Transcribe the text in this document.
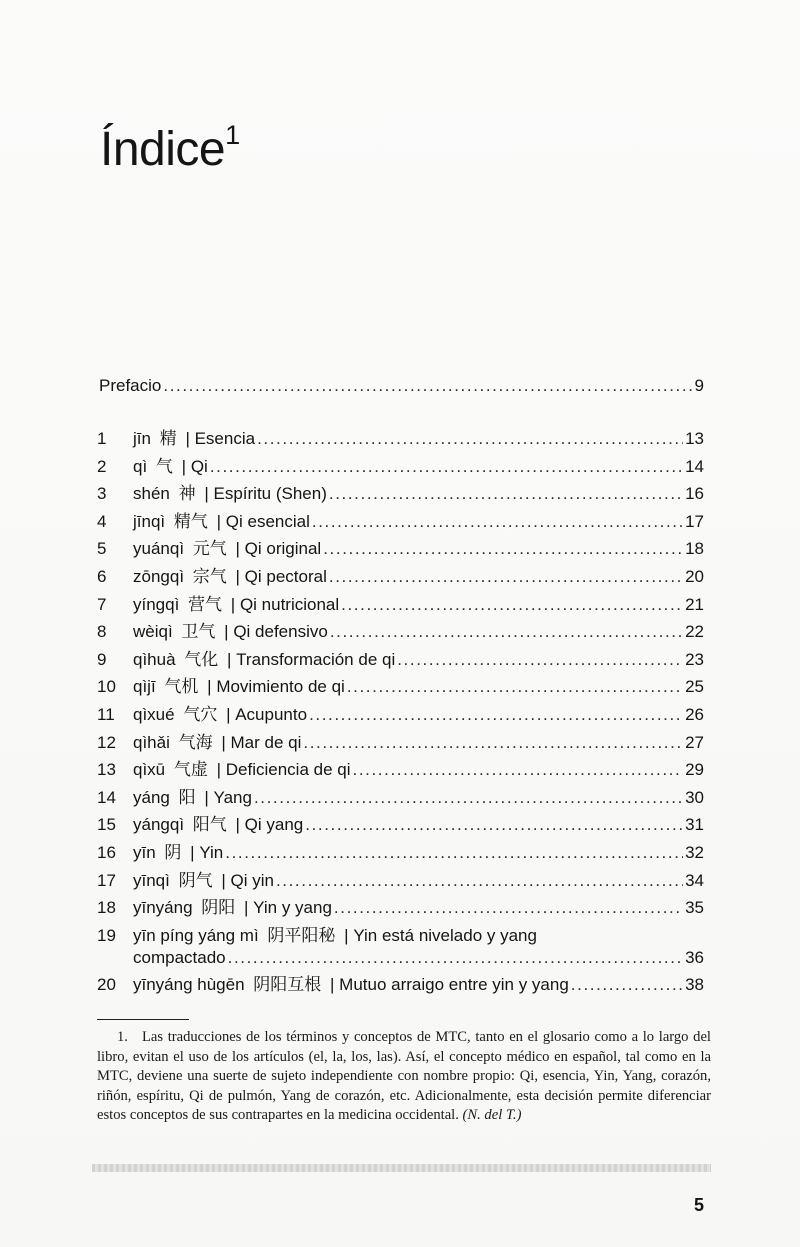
Índice$^1$
Prefacio .....	9
1	jīn 精 | Esencia .....	13
2	qì 气 | Qi .....	14
3	shén 神 | Espíritu (Shen) .....	16
4	jīnqì 精气 | Qi esencial .....	17
5	yuánqì 元气 | Qi original .....	18
6	zōngqì 宗气 | Qi pectoral .....	20
7	yíngqì 营气 | Qi nutricional .....	21
8	wèiqì 卫气 | Qi defensivo .....	22
9	qìhuà 气化 | Transformación de qi .....	23
10	qìjī 气机 | Movimiento de qi .....	25
11	qìxué 气穴 | Acupunto .....	26
12	qìhǎi 气海 | Mar de qi .....	27
13	qìxū 气虚 | Deficiencia de qi .....	29
14	yáng 阳 | Yang .....	30
15	yángqì 阳气 | Qi yang .....	31
16	yīn 阴 | Yin .....	32
17	yīnqì 阴气 | Qi yin .....	34
18	yīnyáng 阴阳 | Yin y yang .....	35
19	yīn píng yáng mì 阴平阳秘 | Yin está nivelado y yang
compactado .....	36
20	yīnyáng hùgēn 阴阳互根 | Mutuo arraigo entre yin y yang .....	38

1. Las traducciones de los términos y conceptos de MTC, tanto en el glosario como a lo largo del libro, evitan el uso de los artículos (el, la, los, las). Así, el concepto médico en español, tal como en la MTC, deviene una suerte de sujeto independiente con nombre propio: Qi, esencia, Yin, Yang, corazón, riñón, espíritu, Qi de pulmón, Yang de corazón, etc. Adicionalmente, esta decisión permite diferenciar estos conceptos de sus contrapartes en la medicina occidental. (N. del T.)

5
